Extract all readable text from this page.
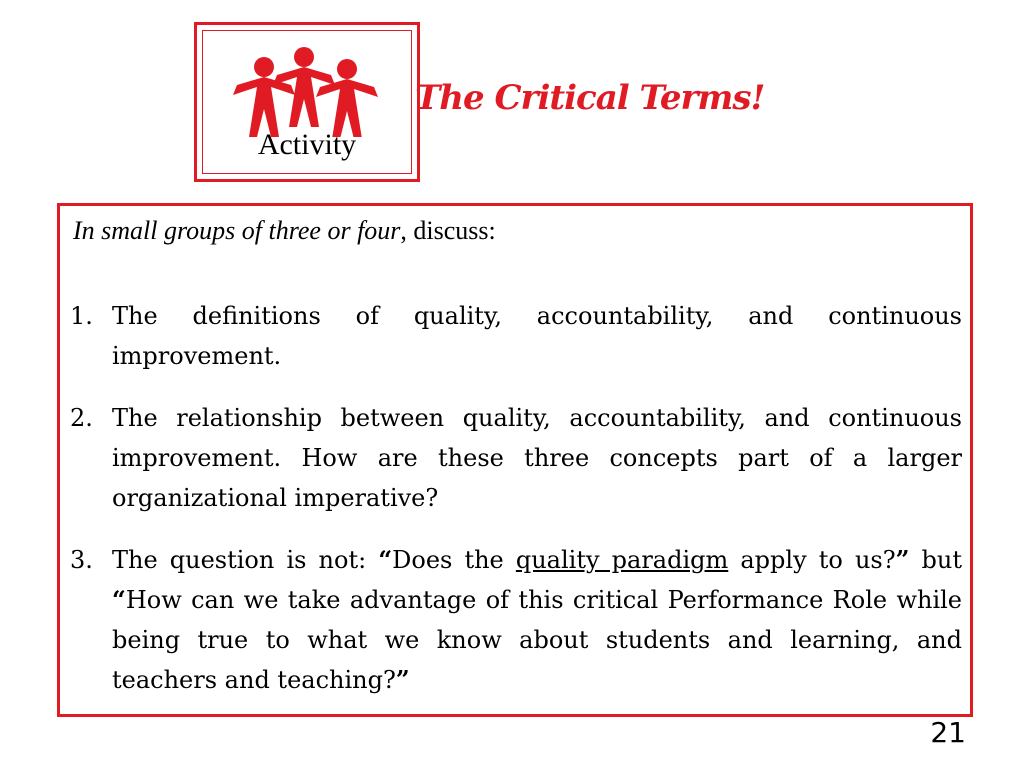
Activity
The Critical Terms!

In small groups of three or four, discuss:

1. The definitions of quality, accountability, and continuous improvement.
2. The relationship between quality, accountability, and continuous improvement. How are these three concepts part of a larger organizational imperative?
3. The question is not: “Does the quality paradigm apply to us?” but “How can we take advantage of this critical Performance Role while being true to what we know about students and learning, and teachers and teaching?”
21
